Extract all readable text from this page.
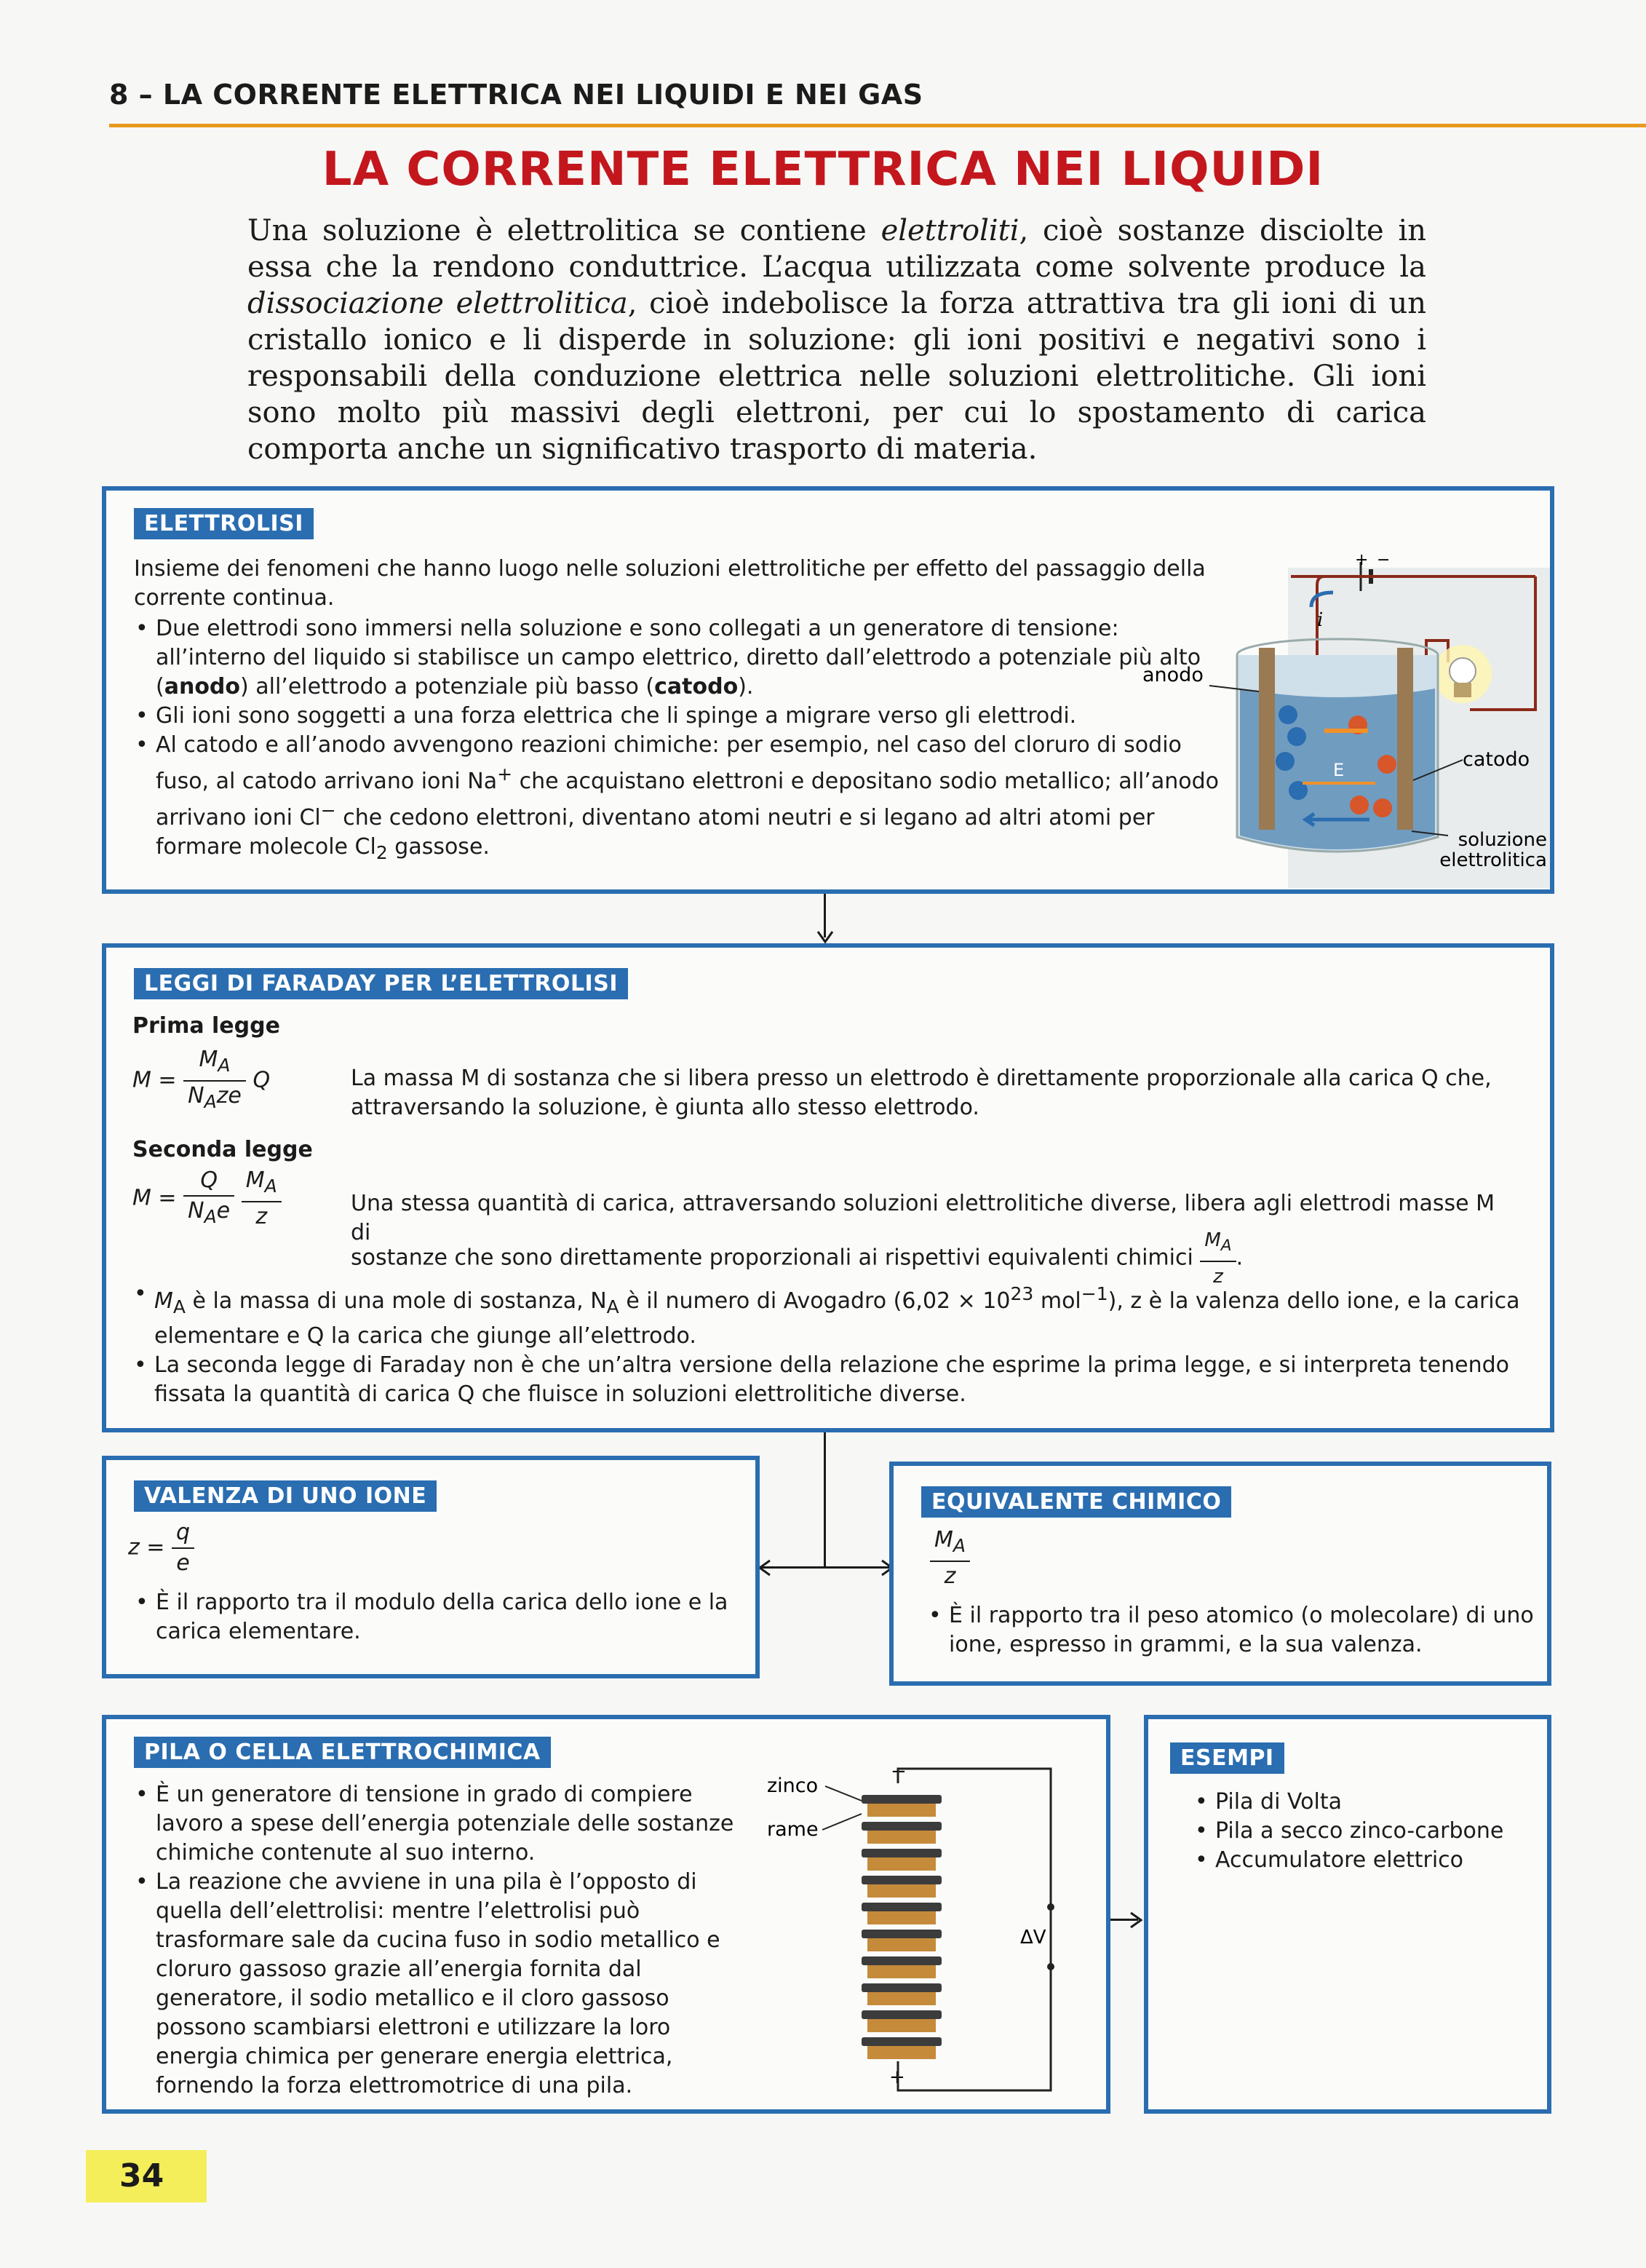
8 – LA CORRENTE ELETTRICA NEI LIQUIDI E NEI GAS
LA CORRENTE ELETTRICA NEI LIQUIDI
Una soluzione è elettrolitica se contiene elettroliti, cioè sostanze disciolte in essa che la rendono conduttrice. L’acqua utilizzata come solvente produce la dissociazione elettrolitica, cioè indebolisce la forza attrattiva tra gli ioni di un cristallo ionico e li disperde in soluzione: gli ioni positivi e negativi sono i responsabili della conduzione elettrica nelle soluzioni elettrolitiche. Gli ioni sono molto più massivi degli elettroni, per cui lo spostamento di carica comporta anche un significativo trasporto di materia.
ELETTROLISI
Insieme dei fenomeni che hanno luogo nelle soluzioni elettrolitiche per effetto del passaggio della corrente continua.
• Due elettrodi sono immersi nella soluzione e sono collegati a un generatore di tensione: all’interno del liquido si stabilisce un campo elettrico, diretto dall’elettrodo a potenziale più alto (anodo) all’elettrodo a potenziale più basso (catodo).
• Gli ioni sono soggetti a una forza elettrica che li spinge a migrare verso gli elettrodi.
• Al catodo e all’anodo avvengono reazioni chimiche: per esempio, nel caso del cloruro di sodio fuso, al catodo arrivano ioni Na+ che acquistano elettroni e depositano sodio metallico; all’anodo arrivano ioni Cl− che cedono elettroni, diventano atomi neutri e si legano ad altri atomi per formare molecole $Cl_2$ gassose.
+ −
i
E
anodo
catodo
soluzione
elettrolitica
LEGGI DI FARADAY PER L’ELETTROLISI
Prima legge
$M = \frac{M_A}{N_Aze}$ Q	La massa M di sostanza che si libera presso un elettrodo è direttamente proporzionale alla carica Q che, attraversando la soluzione, è giunta allo stesso elettrodo.
Seconda legge
$M = \frac{Q}{N_Ae}$
$\frac{M_A}{z}$	Una stessa quantità di carica, attraversando soluzioni elettrolitiche diverse, libera agli elettrodi masse M di
sostanze che sono direttamente proporzionali ai rispettivi equivalenti chimici $\frac{M_A}{z}$ .
• $M_A$ è la massa di una mole di sostanza, $N_A$ è il numero di Avogadro ($6,02 \times 10^{23}$ mol$^{-1}$), z è la valenza dello ione, e la carica elementare e Q la carica che giunge all’elettrodo.
• La seconda legge di Faraday non è che un’altra versione della relazione che esprime la prima legge, e si interpreta tenendo fissata la quantità di carica Q che fluisce in soluzioni elettrolitiche diverse.
VALENZA DI UNO IONE
$z = \frac{q}{e}$
• È il rapporto tra il modulo della carica dello ione e la carica elementare.
EQUIVALENTE CHIMICO
$\frac{M_A}{z}$
• È il rapporto tra il peso atomico (o molecolare) di uno ione, espresso in grammi, e la sua valenza.
PILA O CELLA ELETTROCHIMICA
• È un generatore di tensione in grado di compiere lavoro a spese dell’energia potenziale delle sostanze chimiche contenute al suo interno.
• La reazione che avviene in una pila è l’opposto di quella dell’elettrolisi: mentre l’elettrolisi può trasformare sale da cucina fuso in sodio metallico e cloruro gassoso grazie all’energia fornita dal generatore, il sodio metallico e il cloro gassoso possono scambiarsi elettroni e utilizzare la loro energia chimica per generare energia elettrica, fornendo la forza elettromotrice di una pila.
zinco
rame
−
+
ΔV
ESEMPI
• Pila di Volta
• Pila a secco zinco-carbone
• Accumulatore elettrico
34
